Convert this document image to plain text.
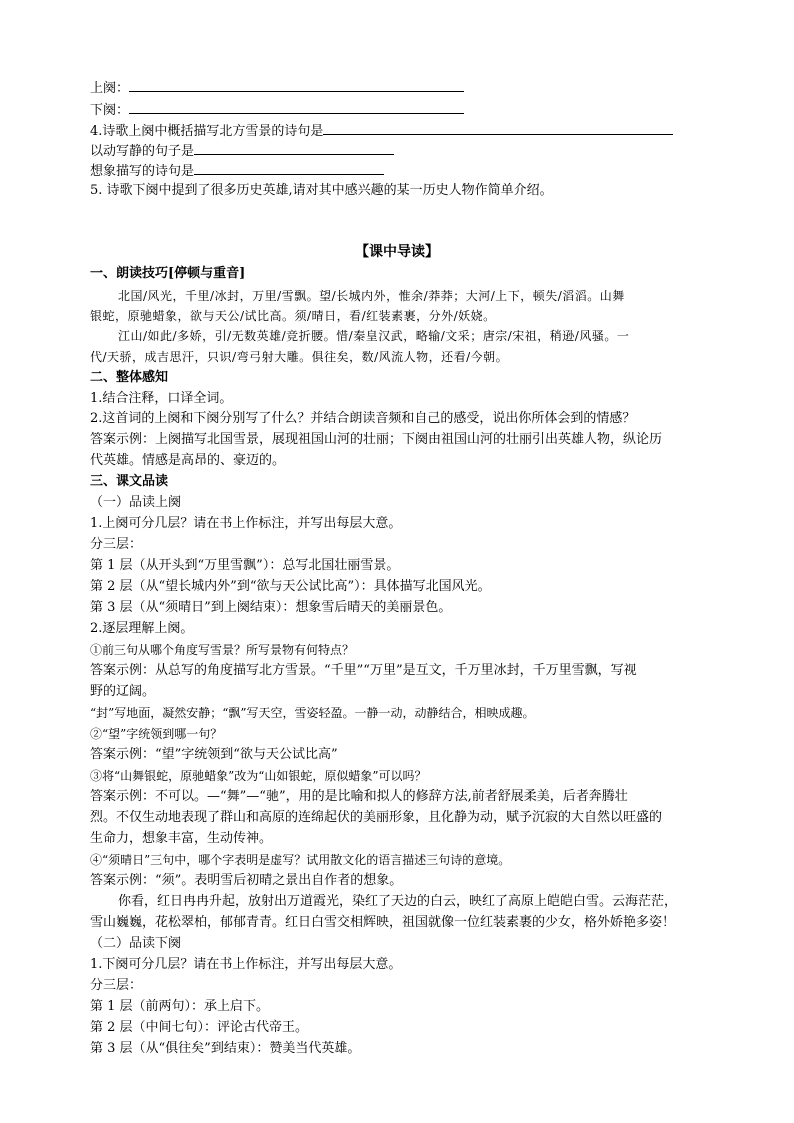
上阕：
下阕：
4.诗歌上阕中概括描写北方雪景的诗句是
以动写静的句子是
想象描写的诗句是
5. 诗歌下阕中提到了很多历史英雄,请对其中感兴趣的某一历史人物作简单介绍。
【课中导读】
一、朗读技巧[停顿与重音]
北国/风光，千里/冰封，万里/雪飘。望/长城内外，惟余/莽莽；大河/上下，顿失/滔滔。山舞
银蛇，原驰蜡象，欲与天公/试比高。须/晴日，看/红装素裹，分外/妖娆。
江山/如此/多娇，引/无数英雄/竞折腰。惜/秦皇汉武，略输/文采；唐宗/宋祖，稍逊/风骚。一
代/天骄，成吉思汗，只识/弯弓射大雕。俱往矣，数/风流人物，还看/今朝。
二、整体感知
1.结合注释，口译全词。
2.这首词的上阕和下阕分别写了什么？并结合朗读音频和自己的感受，说出你所体会到的情感？
答案示例：上阕描写北国雪景，展现祖国山河的壮丽；下阕由祖国山河的壮丽引出英雄人物，纵论历
代英雄。情感是高昂的、豪迈的。
三、课文品读
（一）品读上阕
1.上阕可分几层？请在书上作标注，并写出每层大意。
分三层：
第 1 层（从开头到“万里雪飘”）：总写北国壮丽雪景。
第 2 层（从“望长城内外”到“欲与天公试比高”）：具体描写北国风光。
第 3 层（从“须晴日”到上阕结束）：想象雪后晴天的美丽景色。
2.逐层理解上阕。
①前三句从哪个角度写雪景？所写景物有何特点？
答案示例：从总写的角度描写北方雪景。“千里”“万里”是互文，千万里冰封，千万里雪飘，写视
野的辽阔。
“封”写地面，凝然安静；“飘”写天空，雪姿轻盈。一静一动，动静结合，相映成趣。
②“望”字统领到哪一句？
答案示例：“望”字统领到“欲与天公试比高”
③将“山舞银蛇，原驰蜡象”改为“山如银蛇，原似蜡象”可以吗？
答案示例：不可以。—“舞”—“驰”，用的是比喻和拟人的修辞方法,前者舒展柔美，后者奔腾壮
烈。不仅生动地表现了群山和高原的连绵起伏的美丽形象，且化静为动，赋予沉寂的大自然以旺盛的
生命力，想象丰富，生动传神。
④“须晴日”三句中，哪个字表明是虚写？试用散文化的语言描述三句诗的意境。
答案示例：“须”。表明雪后初晴之景出自作者的想象。
你看，红日冉冉升起，放射出万道霞光，染红了天边的白云，映红了高原上皑皑白雪。云海茫茫，
雪山巍巍，花松翠柏，郁郁青青。红日白雪交相辉映，祖国就像一位红装素裹的少女，格外娇艳多姿！
（二）品读下阕
1.下阕可分几层？请在书上作标注，并写出每层大意。
分三层：
第 1 层（前两句）：承上启下。
第 2 层（中间七句）：评论古代帝王。
第 3 层（从“俱往矣”到结束）：赞美当代英雄。
